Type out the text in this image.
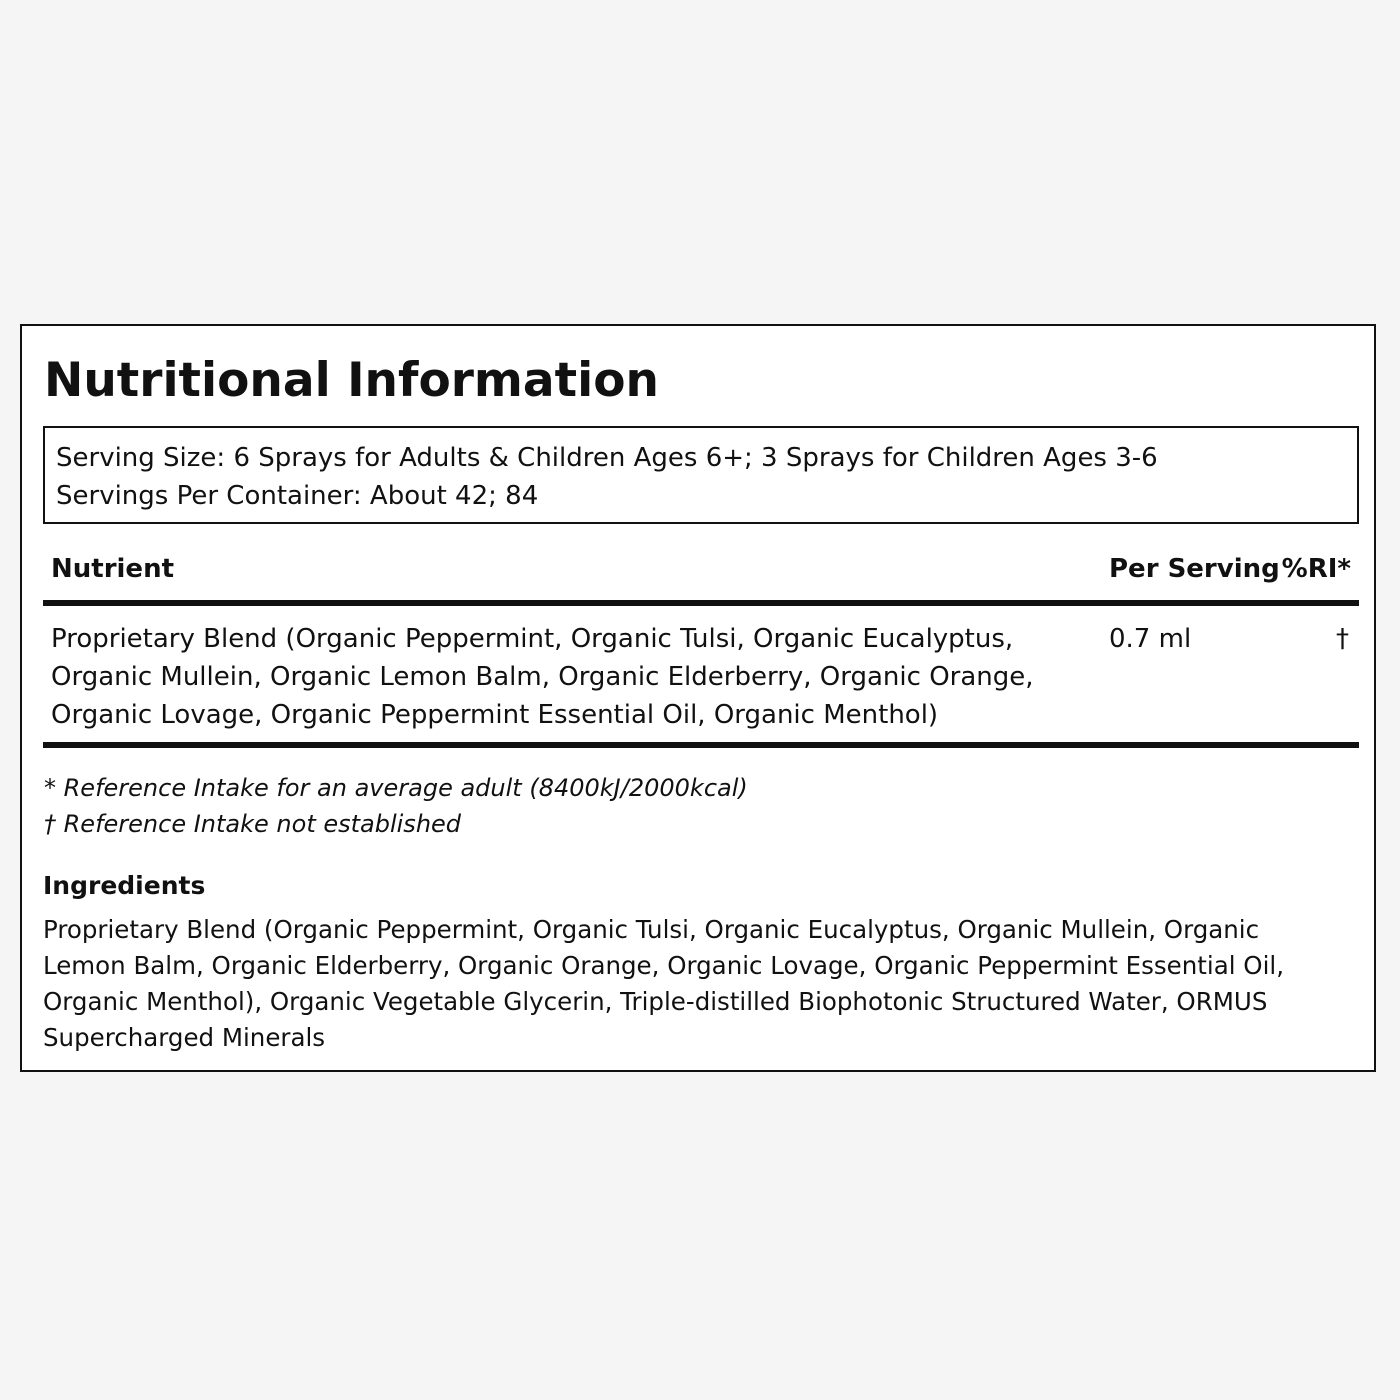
Nutritional Information
Serving Size: 6 Sprays for Adults & Children Ages 6+; 3 Sprays for Children Ages 3-6
Servings Per Container: About 42; 84
Nutrient	Per Serving %RI*
Proprietary Blend (Organic Peppermint, Organic Tulsi, Organic Eucalyptus, Organic Mullein, Organic Lemon Balm, Organic Elderberry, Organic Orange, Organic Lovage, Organic Peppermint Essential Oil, Organic Menthol)
0.7 ml	†
* Reference Intake for an average adult (8400kJ/2000kcal)
† Reference Intake not established
Ingredients
Proprietary Blend (Organic Peppermint, Organic Tulsi, Organic Eucalyptus, Organic Mullein, Organic Lemon Balm, Organic Elderberry, Organic Orange, Organic Lovage, Organic Peppermint Essential Oil, Organic Menthol), Organic Vegetable Glycerin, Triple-distilled Biophotonic Structured Water, ORMUS Supercharged Minerals
